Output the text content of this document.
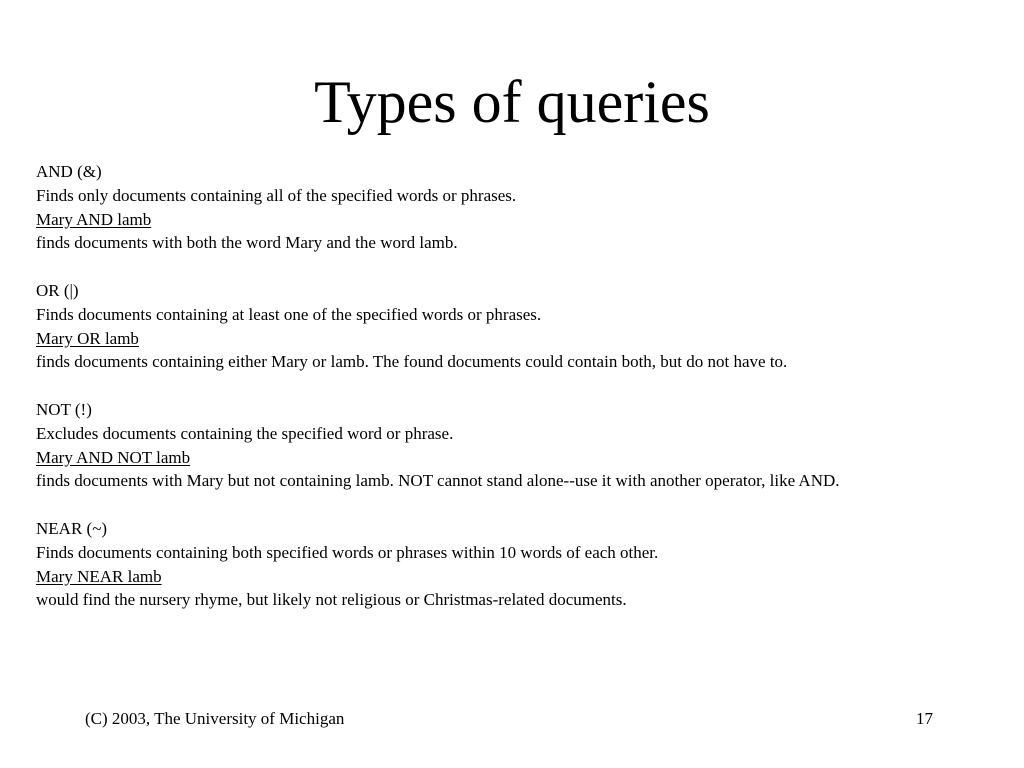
Types of queries
AND (&)
Finds only documents containing all of the specified words or phrases.
Mary AND lamb
finds documents with both the word Mary and the word lamb.
OR (|)
Finds documents containing at least one of the specified words or phrases.
Mary OR lamb
finds documents containing either Mary or lamb. The found documents could contain both, but do not have to.
NOT (!)
Excludes documents containing the specified word or phrase.
Mary AND NOT lamb
finds documents with Mary but not containing lamb. NOT cannot stand alone--use it with another operator, like AND.
NEAR (~)
Finds documents containing both specified words or phrases within 10 words of each other.
Mary NEAR lamb
would find the nursery rhyme, but likely not religious or Christmas-related documents.
(C) 2003, The University of Michigan	17
